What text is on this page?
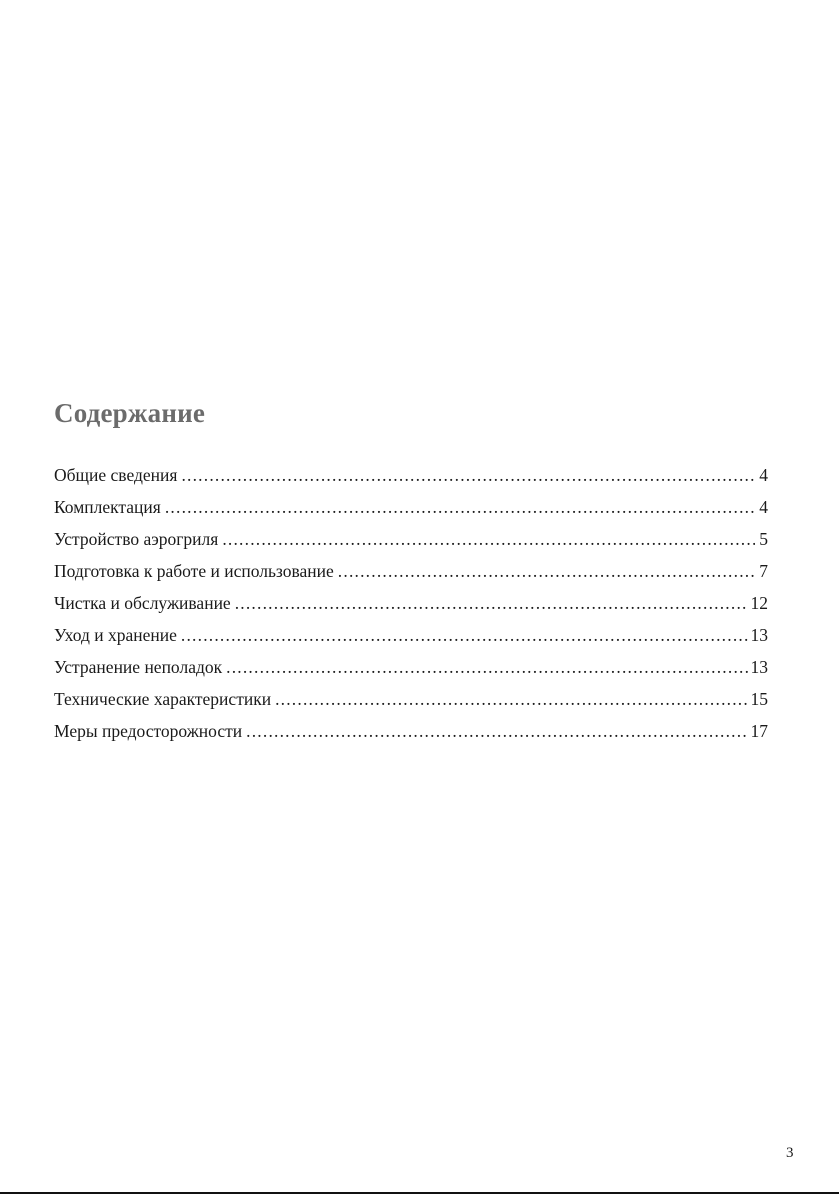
Содержание
Общие сведения .....	4
Комплектация .....	4
Устройство аэрогриля .....	5
Подготовка к работе и использование .....	7
Чистка и обслуживание .....	12
Уход и хранение .....	13
Устранение неполадок .....	13
Технические характеристики .....	15
Меры предосторожности .....	17
3
